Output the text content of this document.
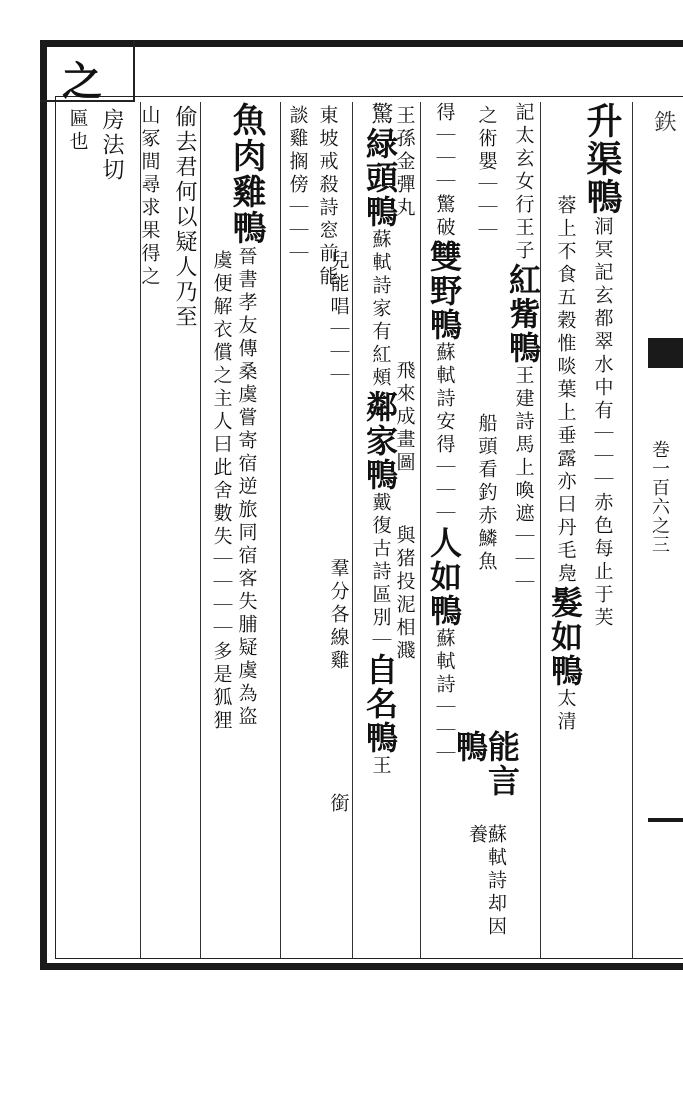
之
鉄
巻一百六之三
升渠鴨
洞冥記玄都翠水中有｜｜｜赤色每止于芙
蓉上不食五穀惟啖葉上垂露亦曰丹毛鳧
髮如鴨
太清
記太玄女行王子
紅觜鴨
王建詩馬上喚遮｜｜｜
之術嬰｜｜｜
船頭看釣赤鱗魚
能言鴨
蘇軾詩却因養
得｜｜｜驚破
雙野鴨
蘇軾詩安得｜｜｜
人如鴨
蘇軾詩｜｜｜
王孫金彈丸
飛來成畫圖
與猪投泥相濺
驚
緑頭鴨
蘇軾詩家有紅頰
鄰家鴨
戴復古詩區別｜
自名鴨
王
兒能唱｜｜｜
羣分各線雞
銜
東坡戒殺詩窓前能
談雞搁傍｜｜｜
魚肉雞鴨
晉書孝友傳桑虞嘗寄宿逆旅同宿客失脯疑虞為盗
虞便解衣償之主人曰此舍數失｜｜｜｜多是狐狸
偷去君何以疑人乃至
山冢間尋求果得之
房法切
匾也
